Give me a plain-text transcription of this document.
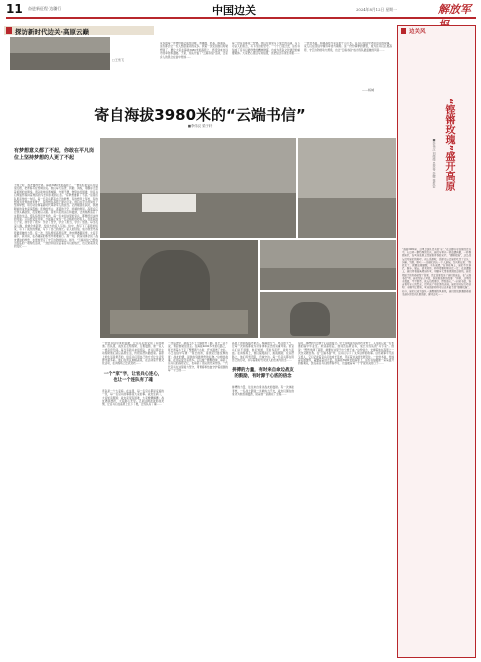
11 奋进新征程·边疆行	中国边关	2024年8月12日 星期一	解放军
探访新时代边关·高原云巅
□王雪飞
家乡的每一件物件都让战友回味，青稞酒、奶茶、酥油茶，这些都会让一些人想起遥远的家乡。我第一次见到他们时就想到了，要让大家在海拔3980米的高原上，感受到来自远方的牵挂和温暖。于是，连队开始了“云端书信”活动，让家乡人的思念在信中传递……
每一封家书都是一份情。我们在信里写下成长的点滴，写下对亲人的思念，写下戍边的坚守。一个个日夜过去，这些书信成了官兵们最珍贵的精神财富，也成为连队文化建设的重要载体。大家把心里话写进信里，也把信念写进生命里……
一封封书信，跨越高原与家乡的千山万水。官兵们在信中述说边关的故事，家人们在回信中倾诉牵挂与期盼。这一份份真挚的情感，成为官兵们扎根高原、守卫边防的动力源泉，也让“云端书信”成为连队最温暖的风景……
——杨城
寄自海拔3980米的“云端书信”
■李伟汉 梁子轩
有梦想意义都了不起，你敢在平凡岗位上坚持梦想的人更了不起
不知之时，我才懂得守望。海拔3980米的高原上，一群年轻的官兵在这里扎根，把青春写在雪域边关。他们每天巡逻、执勤、训练，用脚步丈量着祖国的边界线。连队驻地远离城镇，交通不便，物资补给困难，但官兵们却始终保持着昂扬的斗志和乐观的心态。“有梦想谁都了不起。”这是连队里流传的一句话。每一名官兵都有自己的梦想，有的想考上军校，有的想成为优秀的技术骨干，有的想在高原上建功立业。他们在平凡的岗位上坚持梦想，用行动诠释着新时代革命军人的担当。记得刚到连队时，我被眼前的景象深深震撼：连绵的雪山、湛蓝的天空、呼啸的寒风。高原反应让我头痛欲裂，夜里难以入眠。是老兵们的关心和鼓励，让我渐渐适应了这里的生活。连队指导员告诉我，每一名来到这里的官兵，都要经历这样的考验。只有经受住考验，才能真正成为一名合格的边防军人。在连队的日子里，我学会了很多：学会了坚守，学会了担当，学会了感恩。每当夜深人静，我就会拿起笔，给远方的家人写信。信中，我写下了高原的风景，写下了战友的情谊，写下了自己的成长。家人的回信，成为我坚守高原最温暖的力量。有一次，连队组织高原巡逻，途中遭遇暴风雪。大家手挽手、肩并肩，在齐膝深的积雪中艰难前行。那一刻，我深刻体会到了战友情谊的珍贵，也更加坚定了守卫边防的信念。如今，“云端书信”已经成为连队的一项特色活动，一封封书信见证着官兵们的成长，也记录着边关的变化……
一封封书信带来的温暖，让官兵们感受到了家的味道。连队里，战友们互相帮助、互相鼓励，像一家人一样亲密无间。每当有新兵来到连队，老兵们都会主动帮助他们适应高原生活，传授巡逻执勤经验。高原上的生活是艰苦的，但官兵们用自己的方式让生活变得丰富多彩。他们在营区种植蔬菜，在活动室开展文化活动，在训练场上比武竞技……
一个“家”字，让官兵心连心，也让一个连队有了魂
连队是一个大家庭。在这里，每一名官兵都是家庭的一员，每一名官兵的事都是大家的事。战友生病了，大家轮流照顾；战友家里有困难，大家慷慨解囊；战友遇到挫折，大家耐心开导。正是这种浓浓的战友情，让官兵们在高原上扎下了根，让连队有了魂……
一次巡逻中，新战士小王不慎扭伤了脚。班长二话不说，背起他就往回走。在海拔4000多米的山路上，班长背着小王走了整整两个小时，汗水湿透了衣衫。小王在信中写道：“班长的背，是我见过最宽厚的背；战友的情，是我收到最珍贵的礼物。”这样的故事，在连队里还有很多。它们像一颗颗珍珠，串起了官兵们的高原记忆，也串起了连队的光荣传统。一代代官兵在这里接力坚守，用青春和热血守护着祖国的每一寸土地……
高原上的训练格外艰苦。稀薄的空气、寒冷的天气，让每一次训练都成为对身体和意志的双重考验。但官兵们从不退缩，他们知道，平时多流汗，战时少流血。在训练场上，他们摸爬滚打，挑战极限；在巡逻路上，他们风雪无阻，忠诚守边。每一名官兵都在用自己的行动，书写着新时代戍边人的忠诚与担当……
拼搏的力量，有时来自命边战友的鼓励，有时源于心底的信念
拼搏的力量，往往来自身边战友的鼓励。有一次体能考核，一名战士跑到一半就体力不支，战友们围在他身边为他加油鼓劲，陪着他一起跑完了全程……
有时，拼搏的力量源于心底的信念。中士李明是连队的技术骨干，入伍前只是一名普通的高中毕业生。来到高原后，他刻苦钻研业务，成长为连队的“兵专家”。他说：“既然选择了高原，就要在这里干出个样子来。”这份信念，支撑着他在高原上一次次突破自我。在“云端书信”中，官兵们写下了太多这样的故事。这些故事平凡而又感人，它们记录着官兵们的成长足迹，见证着边关的发展变化。一封封书信，传递着家国情怀，凝聚着奋进力量。在海拔3980米的高原上，这些书信就像一朵朵盛开的格桑花，装点着官兵们的青春岁月，也温暖着每一个守望边关的日子……
边关风
“铿锵玫瑰”盛开高原
■李伟汉 刘萌萌 吴翠斐 李娜 徐爱宏
“海拔3980米，这里是连队官兵的‘家’。”在这群驻守高原的官兵中，有这样一群特殊的女兵，她们与男兵一样巡逻执勤，一样摸爬滚打，在雪域高原上绽放着青春的光芒。“铿锵玫瑰”，这是战友们对她们的称呼。初上高原时，高原反应让她们吃尽了苦头：头痛、失眠、呕吐……但她们没有一个人退缩。女兵班长说：“既然来了，就要站稳脚跟，干出成绩。”在训练场上，她们不甘落后，跑步、射击、战术动作，样样都要和男兵比一比；在巡逻路上，她们背着装备爬冰卧雪，用脚步丈量着祖国的边防线。她们把最美的青春献给了高原，也让高原见证了她们的成长。在“云端书信”里，她们给家人写信，诉说着高原的故事：“妈妈，这里的天很蓝，星星很亮，战友们都很好，请您放心。”一封封书信，饱含着对家人的思念，也写满了对使命的忠诚。她们用实际行动证明：巾帼不让须眉，雪域高原同样可以盛开最美的“铿锵玫瑰”。如今，她们已成为连队一道靓丽的风景线，她们的故事激励着越来越多的官兵扎根高原、建功边关……
